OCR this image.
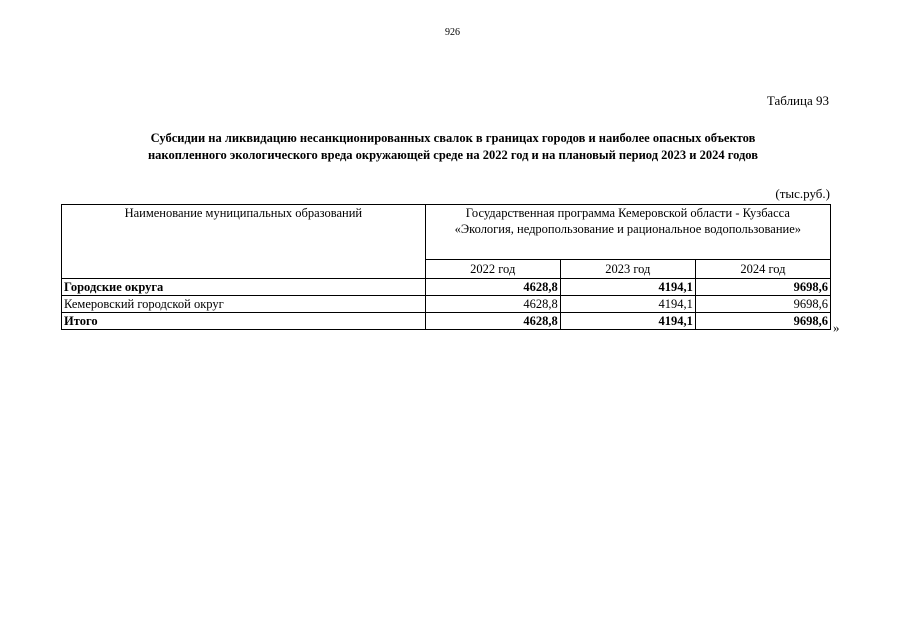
926
Таблица 93
Субсидии на ликвидацию несанкционированных свалок в границах городов и наиболее опасных объектов
накопленного экологического вреда окружающей среде на 2022 год и на плановый период 2023 и 2024 годов
(тыс.руб.)
Наименование муниципальных образований	Государственная программа Кемеровской области - Кузбасса
«Экология, недропользование и рациональное водопользование»		

	2022 год	2023 год	2024 год
Городские округа	4628,8	4194,1	9698,6
Кемеровский городской округ	4628,8	4194,1	9698,6
Итого	4628,8	4194,1	9698,6 »
